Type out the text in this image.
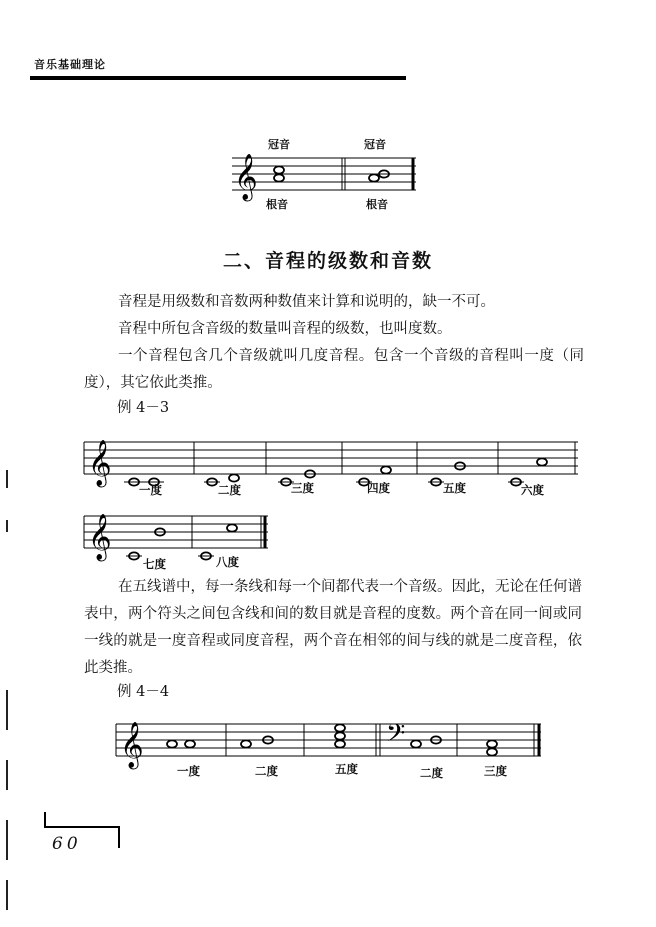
音乐基础理论
冠音	冠音
𝄞
根音	根音
二、音程的级数和音数
音程是用级数和音数两种数值来计算和说明的，缺一不可。
音程中所包含音级的数量叫音程的级数，也叫度数。
一个音程包含几个音级就叫几度音程。包含一个音级的音程叫一度（同度），其它依此类推。
例 4－3
𝄞
一度	二度	三度	四度	五度	六度
𝄞
七度	八度
在五线谱中，每一条线和每一个间都代表一个音级。因此，无论在任何谱表中，两个符头之间包含线和间的数目就是音程的度数。两个音在同一间或同一线的就是一度音程或同度音程，两个音在相邻的间与线的就是二度音程，依此类推。
例 4－4
𝄞	𝄢
一度	二度	五度	二度	三度
60
